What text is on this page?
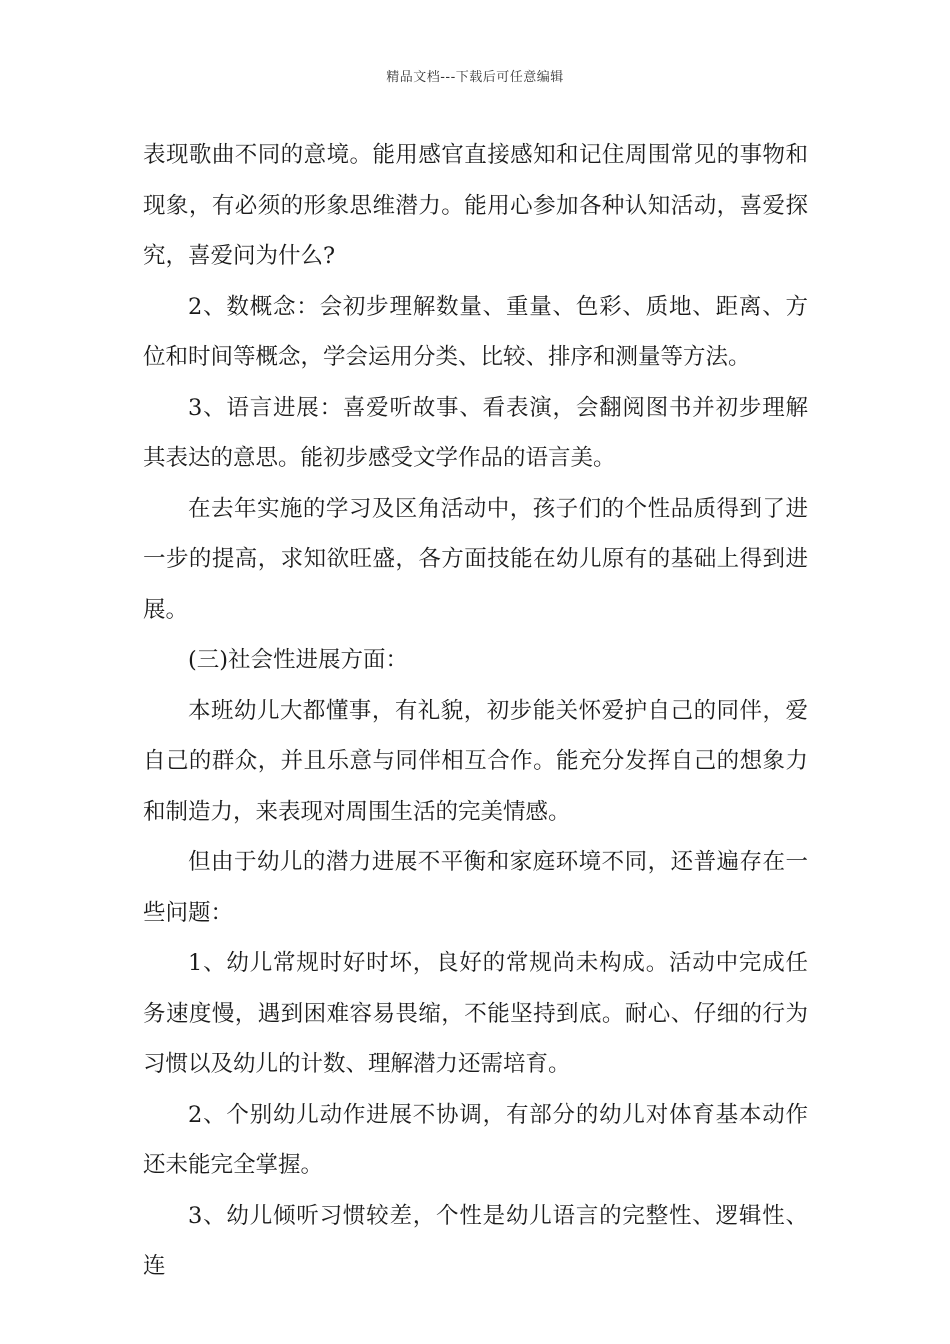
精品文档---下载后可任意编辑

表现歌曲不同的意境。能用感官直接感知和记住周围常见的事物和现象，有必须的形象思维潜力。能用心参加各种认知活动，喜爱探究，喜爱问为什么?

2、数概念：会初步理解数量、重量、色彩、质地、距离、方位和时间等概念，学会运用分类、比较、排序和测量等方法。

3、语言进展：喜爱听故事、看表演，会翻阅图书并初步理解其表达的意思。能初步感受文学作品的语言美。

在去年实施的学习及区角活动中，孩子们的个性品质得到了进一步的提高，求知欲旺盛，各方面技能在幼儿原有的基础上得到进展。

(三)社会性进展方面：

本班幼儿大都懂事，有礼貌，初步能关怀爱护自己的同伴，爱自己的群众，并且乐意与同伴相互合作。能充分发挥自己的想象力和制造力，来表现对周围生活的完美情感。

但由于幼儿的潜力进展不平衡和家庭环境不同，还普遍存在一些问题：

1、幼儿常规时好时坏，良好的常规尚未构成。活动中完成任务速度慢，遇到困难容易畏缩，不能坚持到底。耐心、仔细的行为习惯以及幼儿的计数、理解潜力还需培育。

2、个别幼儿动作进展不协调，有部分的幼儿对体育基本动作还未能完全掌握。

3、幼儿倾听习惯较差，个性是幼儿语言的完整性、逻辑性、连
